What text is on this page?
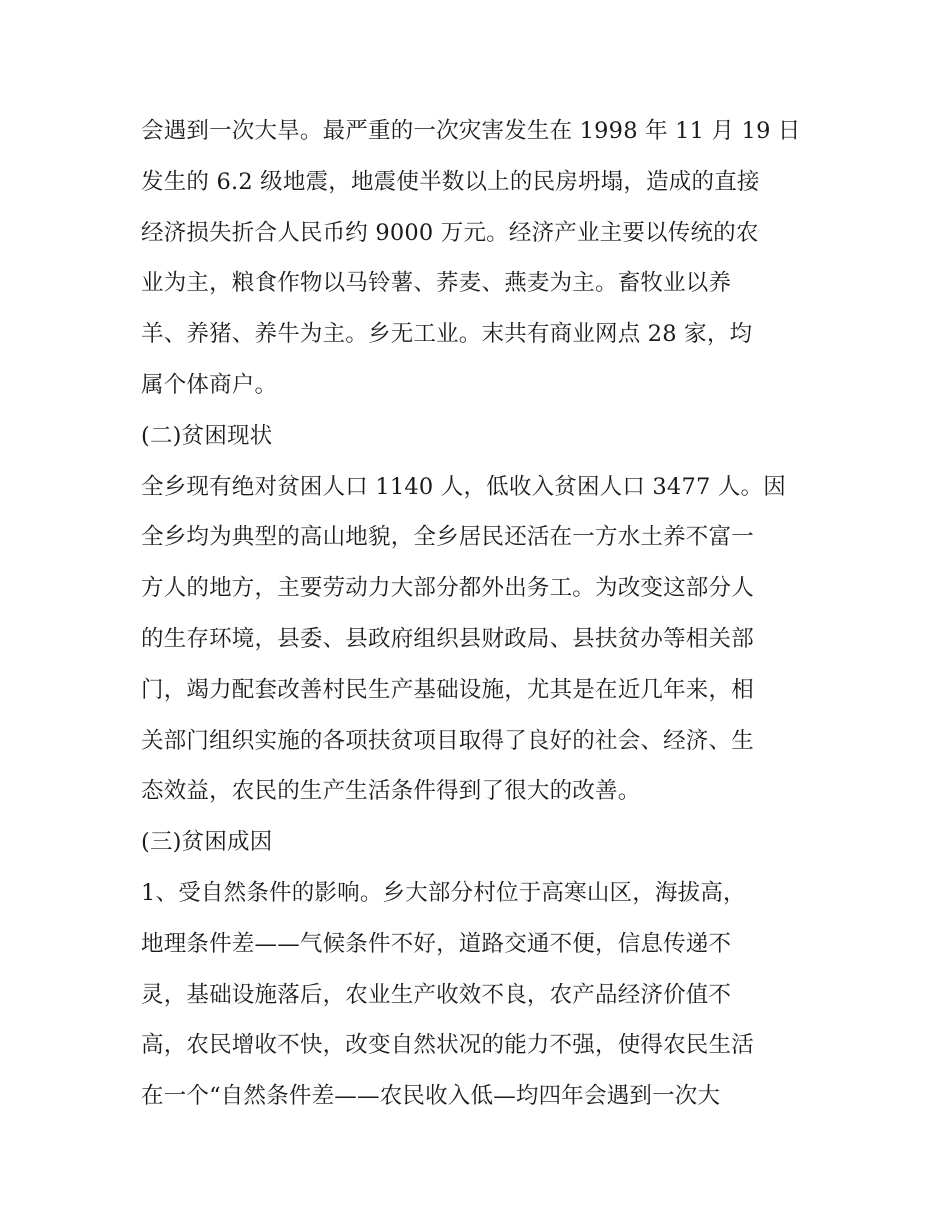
会遇到一次大旱。最严重的一次灾害发生在 1998 年 11 月 19 日
发生的 6.2 级地震，地震使半数以上的民房坍塌，造成的直接
经济损失折合人民币约 9000 万元。经济产业主要以传统的农
业为主，粮食作物以马铃薯、荞麦、燕麦为主。畜牧业以养
羊、养猪、养牛为主。乡无工业。末共有商业网点 28 家，均
属个体商户。
(二)贫困现状
全乡现有绝对贫困人口 1140 人，低收入贫困人口 3477 人。因
全乡均为典型的高山地貌，全乡居民还活在一方水土养不富一
方人的地方，主要劳动力大部分都外出务工。为改变这部分人
的生存环境，县委、县政府组织县财政局、县扶贫办等相关部
门，竭力配套改善村民生产基础设施，尤其是在近几年来，相
关部门组织实施的各项扶贫项目取得了良好的社会、经济、生
态效益，农民的生产生活条件得到了很大的改善。
(三)贫困成因
1、受自然条件的影响。乡大部分村位于高寒山区，海拔高，
地理条件差——气候条件不好，道路交通不便，信息传递不
灵，基础设施落后，农业生产收效不良，农产品经济价值不
高，农民增收不快，改变自然状况的能力不强，使得农民生活
在一个“自然条件差——农民收入低—均四年会遇到一次大
